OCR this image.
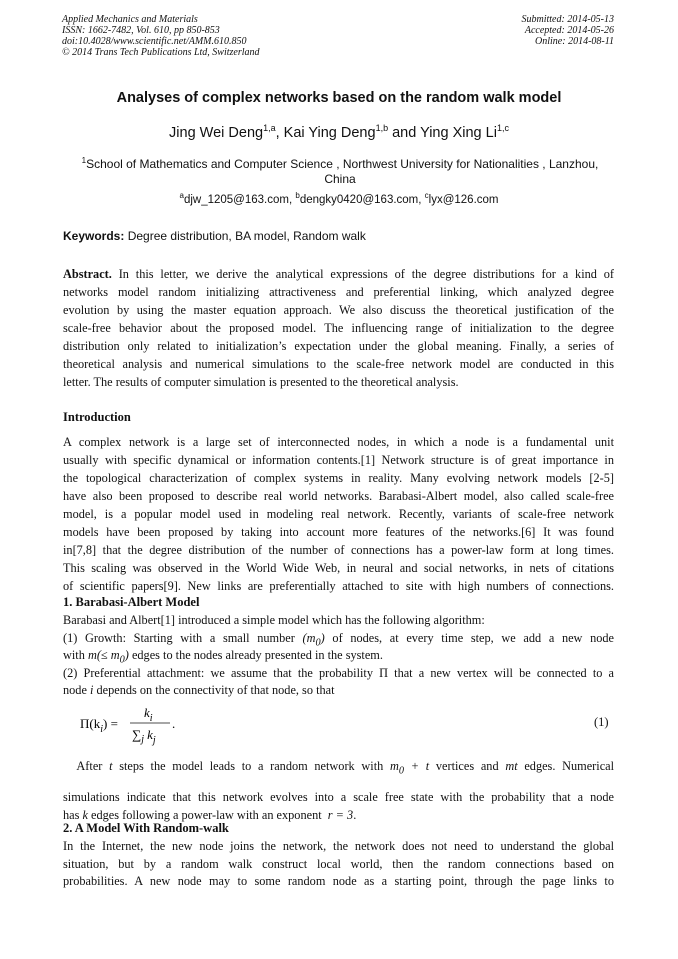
Applied Mechanics and Materials
ISSN: 1662-7482, Vol. 610, pp 850-853
doi:10.4028/www.scientific.net/AMM.610.850
© 2014 Trans Tech Publications Ltd, Switzerland
Submitted: 2014-05-13
Accepted: 2014-05-26
Online: 2014-08-11
Analyses of complex networks based on the random walk model
Jing Wei Deng$^{1,a}$, Kai Ying Deng$^{1,b}$ and Ying Xing Li$^{1,c}$
$^1$School of Mathematics and Computer Science , Northwest University for Nationalities , Lanzhou, China
$^a$djw_1205@163.com, $^b$dengky0420@163.com, $^c$lyx@126.com
Keywords: Degree distribution, BA model, Random walk
Abstract. In this letter, we derive the analytical expressions of the degree distributions for a kind of
networks model random initializing attractiveness and preferential linking, which analyzed degree
evolution by using the master equation approach. We also discuss the theoretical justification of the
scale-free behavior about the proposed model. The influencing range of initialization to the degree
distribution only related to initialization’s expectation under the global meaning. Finally, a series of
theoretical analysis and numerical simulations to the scale-free network model are conducted in this
letter. The results of computer simulation is presented to the theoretical analysis.
Introduction
A complex network is a large set of interconnected nodes, in which a node is a fundamental unit
usually with specific dynamical or information contents.[1] Network structure is of great importance in
the topological characterization of complex systems in reality. Many evolving network models [2-5]
have also been proposed to describe real world networks. Barabasi-Albert model, also called scale-free
model, is a popular model used in modeling real network. Recently, variants of scale-free network
models have been proposed by taking into account more features of the networks.[6] It was found
in[7,8] that the degree distribution of the number of connections has a power-law form at long times.
This scaling was observed in the World Wide Web, in neural and social networks, in nets of citations
of scientific papers[9]. New links are preferentially attached to site with high numbers of connections.
1. Barabasi-Albert Model
Barabasi and Albert[1] introduced a simple model which has the following algorithm:
(1) Growth: Starting with a small number $(m_0)$ of nodes, at every time step, we add a new node
with $m(\le m_0)$ edges to the nodes already presented in the system.
(2) Preferential attachment: we assume that the probability Π that a new vertex will be connected to a
node i depends on the connectivity of that node, so that
$\Pi(k_i)$ =
$k_i$
$\sum_j$ $k_j$
.	(1)
After t steps the model leads to a random network with $m_0 + t$ vertices and mt edges. Numerical
simulations indicate that this network evolves into a scale free state with the probability that a node
has k edges following a power-law with an exponent r = 3.
2. A Model With Random-walk
In the Internet, the new node joins the network, the network does not need to understand the global
situation, but by a random walk construct local world, then the random connections based on
probabilities. A new node may to some random node as a starting point, through the page links to
